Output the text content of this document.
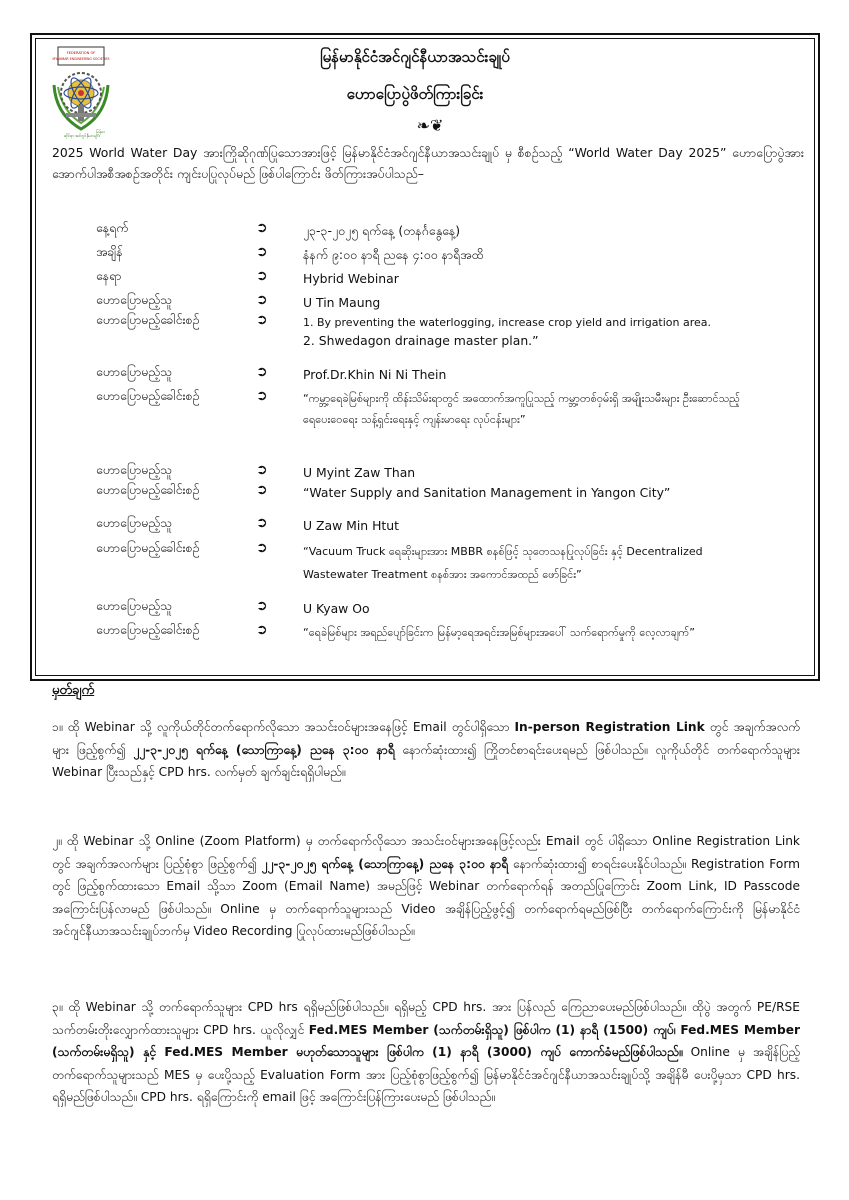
FEDERATION OF
MYANMAR ENGINEERING SOCIETIES
ဆိုင်ရာ အင်ဂျင်နီယာများ
မြန်မာ
မြန်မာနိုင်ငံအင်ဂျင်နီယာအသင်းချုပ်
ဟောပြောပွဲဖိတ်ကြားခြင်း
❧❦
2025 World Water Day အားကြိုဆိုဂုဏ်ပြုသောအားဖြင့် မြန်မာနိုင်ငံအင်ဂျင်နီယာအသင်းချုပ် မှ စီစဉ်သည့် “World Water Day 2025” ဟောပြောပွဲအား အောက်ပါအစီအစဉ်အတိုင်း ကျင်းပပြုလုပ်မည် ဖြစ်ပါကြောင်း ဖိတ်ကြားအပ်ပါသည်–
နေ့ရက်	➲	၂၃-၃-၂၀၂၅ ရက်နေ့ (တနင်္ဂနွေနေ့)
အချိန်	➲	နံနက် ၉:၀၀ နာရီ ညနေ ၄:၀၀ နာရီအထိ
နေရာ	➲	Hybrid Webinar
ဟောပြောမည့်သူ	➲	U Tin Maung
ဟောပြောမည့်ခေါင်းစဉ်	➲	1. By preventing the waterlogging, increase crop yield and irrigation area.
2. Shwedagon drainage master plan.”
ဟောပြောမည့်သူ	➲	Prof.Dr.Khin Ni Ni Thein
ဟောပြောမည့်ခေါင်းစဉ်	➲	“ကမ္ဘာ့ရေခဲမြစ်များကို ထိန်းသိမ်းရာတွင် အထောက်အကူပြုသည့် ကမ္ဘာ့တစ်ဝှမ်းရှိ အမျိုးသမီးများ ဦးဆောင်သည့် ရေပေးဝေရေး သန့်ရှင်းရေးနှင့် ကျန်းမာရေး လုပ်ငန်းများ”
ဟောပြောမည့်သူ	➲	U Myint Zaw Than
ဟောပြောမည့်ခေါင်းစဉ်	➲	“Water Supply and Sanitation Management in Yangon City”
ဟောပြောမည့်သူ	➲	U Zaw Min Htut
ဟောပြောမည့်ခေါင်းစဉ်	➲	“Vacuum Truck ရေဆိုးများအား MBBR စနစ်ဖြင့် သုတေသနပြုလုပ်ခြင်း နှင့် Decentralized Wastewater Treatment စနစ်အား အကောင်အထည် ဖော်ခြင်း”
ဟောပြောမည့်သူ	➲	U Kyaw Oo
ဟောပြောမည့်ခေါင်းစဉ်	➲	“ရေခဲမြစ်များ အရည်ပျော်ခြင်းက မြန်မာ့ရေအရင်းအမြစ်များအပေါ် သက်ရောက်မှုကို လေ့လာချက်”
မှတ်ချက်
၁။ ထို Webinar သို့ လူကိုယ်တိုင်တက်ရောက်လိုသော အသင်းဝင်များအနေဖြင့် Email တွင်ပါရှိသော In-person Registration Link တွင် အချက်အလက်များ ဖြည့်စွက်၍ ၂၂-၃-၂၀၂၅ ရက်နေ့ (သောကြာနေ့) ညနေ ၃:၀၀ နာရီ နောက်ဆုံးထား၍ ကြိုတင်စာရင်းပေးရမည် ဖြစ်ပါသည်။ လူကိုယ်တိုင် တက်ရောက်သူများ Webinar ပြီးသည်နှင့် CPD hrs. လက်မှတ် ချက်ချင်းရရှိပါမည်။
၂။ ထို Webinar သို့ Online (Zoom Platform) မှ တက်ရောက်လိုသော အသင်းဝင်များအနေဖြင့်လည်း Email တွင် ပါရှိသော Online Registration Link တွင် အချက်အလက်များ ပြည့်စုံစွာ ဖြည့်စွက်၍ ၂၂-၃-၂၀၂၅ ရက်နေ့ (သောကြာနေ့) ညနေ ၃:၀၀ နာရီ နောက်ဆုံးထား၍ စာရင်းပေးနိုင်ပါသည်။ Registration Form တွင် ဖြည့်စွက်ထားသော Email သို့သာ Zoom (Email Name) အမည်ဖြင့် Webinar တက်ရောက်ရန် အတည်ပြုကြောင်း Zoom Link, ID Passcode အကြောင်းပြန်လာမည် ဖြစ်ပါသည်။ Online မှ တက်ရောက်သူများသည် Video အချိန်ပြည့်ဖွင့်၍ တက်ရောက်ရမည်ဖြစ်ပြီး တက်ရောက်ကြောင်းကို မြန်မာနိုင်ငံအင်ဂျင်နီယာအသင်းချုပ်ဘက်မှ Video Recording ပြုလုပ်ထားမည်ဖြစ်ပါသည်။
၃။ ထို Webinar သို့ တက်ရောက်သူများ CPD hrs ရရှိမည်ဖြစ်ပါသည်။ ရရှိမည့် CPD hrs. အား ပြန်လည် ကြေညာပေးမည်ဖြစ်ပါသည်။ ထိုပွဲ အတွက် PE/RSE သက်တမ်းတိုးလျှောက်ထားသူများ CPD hrs. ယူလိုလျှင် Fed.MES Member (သက်တမ်းရှိသူ) ဖြစ်ပါက (1) နာရီ (1500) ကျပ်၊ Fed.MES Member (သက်တမ်းမရှိသူ) နှင့် Fed.MES Member မဟုတ်သောသူများ ဖြစ်ပါက (1) နာရီ (3000) ကျပ် ကောက်ခံမည်ဖြစ်ပါသည်။ Online မှ အချိန်ပြည့်တက်ရောက်သူများသည် MES မှ ပေးပို့သည့် Evaluation Form အား ပြည့်စုံစွာဖြည့်စွက်၍ မြန်မာနိုင်ငံအင်ဂျင်နီယာအသင်းချုပ်သို့ အချိန်မီ ပေးပို့မှသာ CPD hrs. ရရှိမည်ဖြစ်ပါသည်။ CPD hrs. ရရှိကြောင်းကို email ဖြင့် အကြောင်းပြန်ကြားပေးမည် ဖြစ်ပါသည်။
